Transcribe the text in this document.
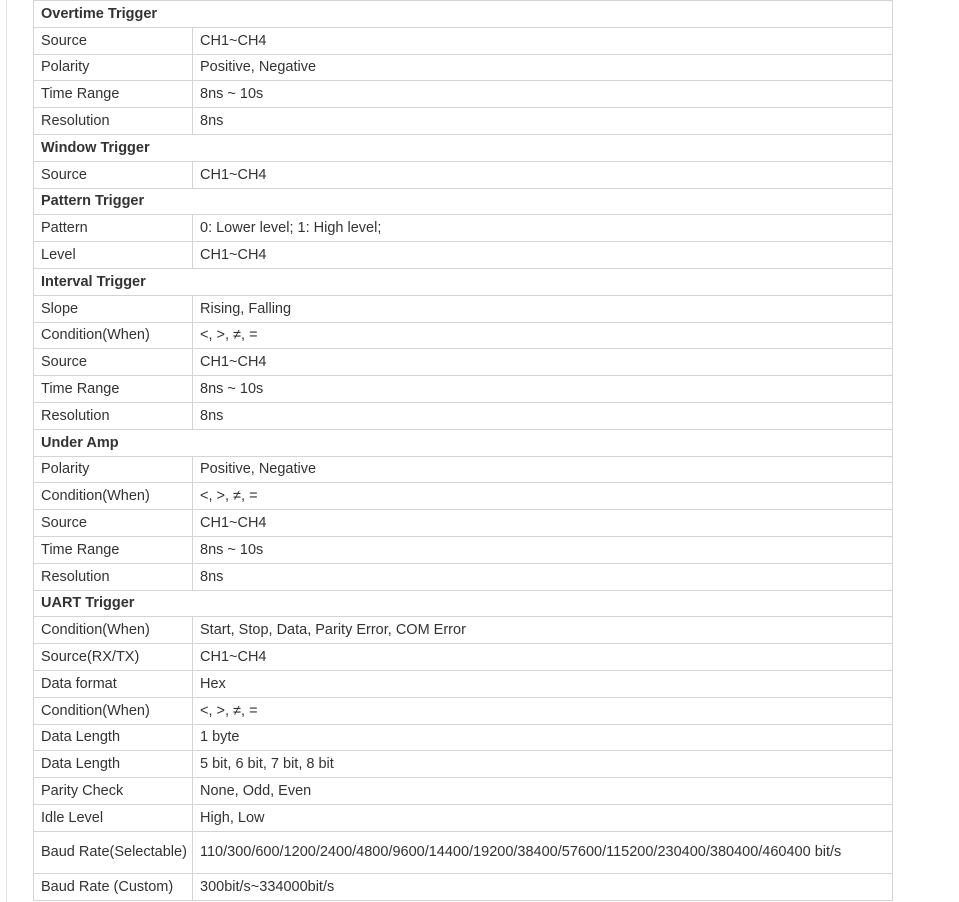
Overtime Trigger	
Source	CH1~CH4
Polarity	Positive, Negative
Time Range	8ns ~ 10s
Resolution	8ns
Window Trigger	
Source	CH1~CH4
Pattern Trigger	
Pattern	0: Lower level; 1: High level;
Level	CH1~CH4
Interval Trigger	
Slope	Rising, Falling
Condition(When)	<, >, ≠, =
Source	CH1~CH4
Time Range	8ns ~ 10s
Resolution	8ns
Under Amp	
Polarity	Positive, Negative
Condition(When)	<, >, ≠, =
Source	CH1~CH4
Time Range	8ns ~ 10s
Resolution	8ns
UART Trigger	
Condition(When)	Start, Stop, Data, Parity Error, COM Error
Source(RX/TX)	CH1~CH4
Data format	Hex
Condition(When)	<, >, ≠, =
Data Length	1 byte
Data Length	5 bit, 6 bit, 7 bit, 8 bit
Parity Check	None, Odd, Even
Idle Level	High, Low
Baud Rate(Selectable)	110/300/600/1200/2400/4800/9600/14400/19200/38400/57600/115200/230400/380400/460400 bit/s
Baud Rate (Custom)	300bit/s~334000bit/s
